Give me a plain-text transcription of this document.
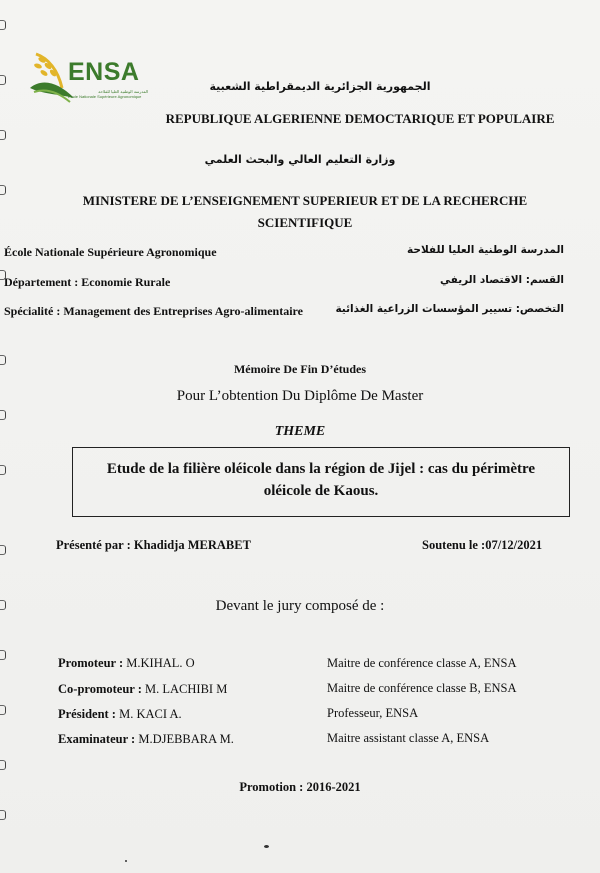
ENSA
المدرسة الوطنية العليا للفلاحة
Ecole Nationale Supérieure Agronomique
الجمهورية الجزائرية الديمقراطية الشعبية
REPUBLIQUE ALGERIENNE DEMOCTARIQUE ET POPULAIRE
وزارة التعليم العالي والبحث العلمي
MINISTERE DE L’ENSEIGNEMENT SUPERIEUR ET DE LA RECHERCHE SCIENTIFIQUE
École Nationale Supérieure Agronomique	المدرسة الوطنية العليا للفلاحة
Département : Economie Rurale	القسم: الاقتصاد الريفي
Spécialité : Management des Entreprises Agro-alimentaire	التخصص: تسيير المؤسسات الزراعية الغذائية
Mémoire De Fin D’études
Pour L’obtention Du Diplôme De Master
THEME
Etude de la filière oléicole dans la région de Jijel : cas du périmètre oléicole de Kaous.
Présenté par : Khadidja MERABET	Soutenu le :07/12/2021
Devant le jury composé de :
Promoteur : M.KIHAL. O	Maitre de conférence classe A, ENSA
Co-promoteur : M. LACHIBI M	Maitre de conférence classe B, ENSA
Président : M. KACI A.	Professeur, ENSA
Examinateur : M.DJEBBARA M.	Maitre assistant classe A, ENSA
Promotion : 2016-2021
